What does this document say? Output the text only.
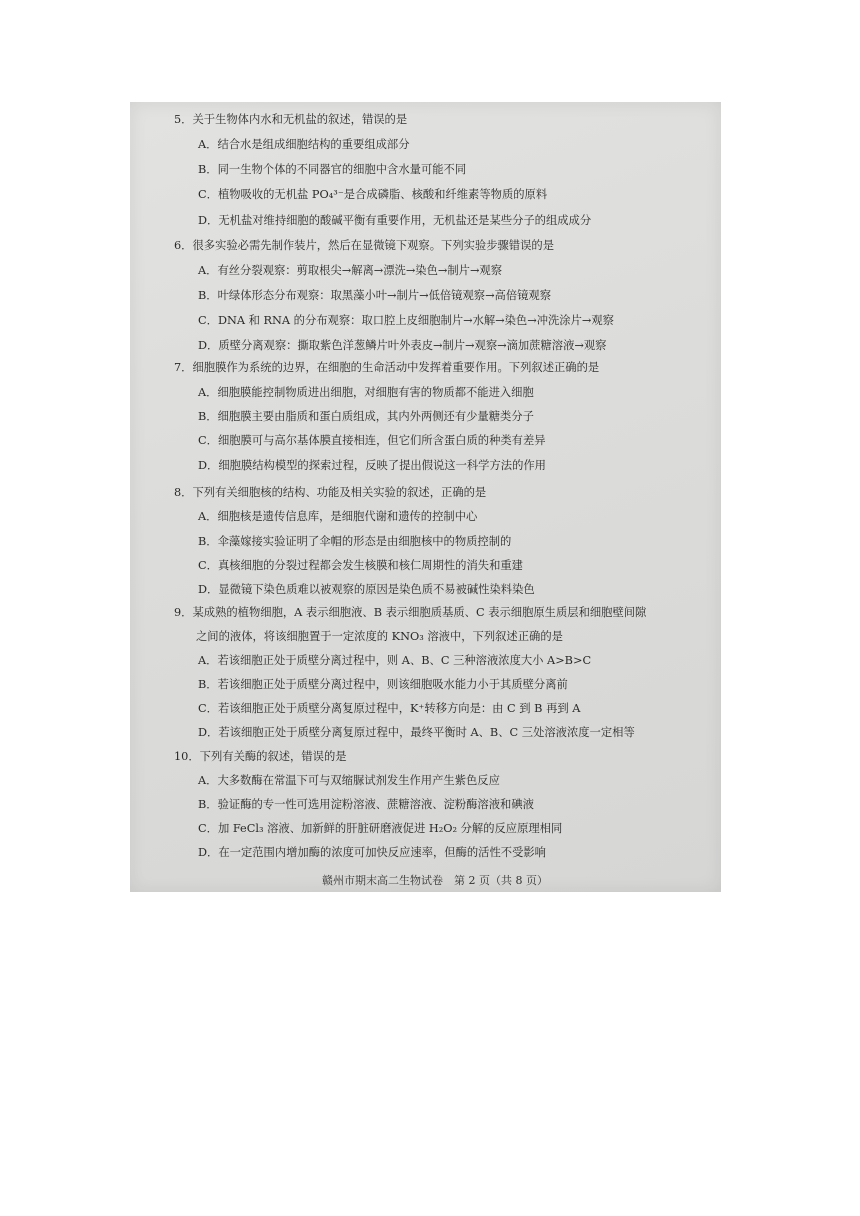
5．关于生物体内水和无机盐的叙述，错误的是
A．结合水是组成细胞结构的重要组成部分
B．同一生物个体的不同器官的细胞中含水量可能不同
C．植物吸收的无机盐 PO₄³⁻是合成磷脂、核酸和纤维素等物质的原料
D．无机盐对维持细胞的酸碱平衡有重要作用，无机盐还是某些分子的组成成分
6．很多实验必需先制作装片，然后在显微镜下观察。下列实验步骤错误的是
A．有丝分裂观察：剪取根尖→解离→漂洗→染色→制片→观察
B．叶绿体形态分布观察：取黑藻小叶→制片→低倍镜观察→高倍镜观察
C．DNA 和 RNA 的分布观察：取口腔上皮细胞制片→水解→染色→冲洗涂片→观察
D．质壁分离观察：撕取紫色洋葱鳞片叶外表皮→制片→观察→滴加蔗糖溶液→观察
7．细胞膜作为系统的边界，在细胞的生命活动中发挥着重要作用。下列叙述正确的是
A．细胞膜能控制物质进出细胞，对细胞有害的物质都不能进入细胞
B．细胞膜主要由脂质和蛋白质组成，其内外两侧还有少量糖类分子
C．细胞膜可与高尔基体膜直接相连，但它们所含蛋白质的种类有差异
D．细胞膜结构模型的探索过程，反映了提出假说这一科学方法的作用
8．下列有关细胞核的结构、功能及相关实验的叙述，正确的是
A．细胞核是遗传信息库，是细胞代谢和遗传的控制中心
B．伞藻嫁接实验证明了伞帽的形态是由细胞核中的物质控制的
C．真核细胞的分裂过程都会发生核膜和核仁周期性的消失和重建
D．显微镜下染色质难以被观察的原因是染色质不易被碱性染料染色
9．某成熟的植物细胞，A 表示细胞液、B 表示细胞质基质、C 表示细胞原生质层和细胞壁间隙
之间的液体，将该细胞置于一定浓度的 KNO₃ 溶液中，下列叙述正确的是
A．若该细胞正处于质壁分离过程中，则 A、B、C 三种溶液浓度大小 A>B>C
B．若该细胞正处于质壁分离过程中，则该细胞吸水能力小于其质壁分离前
C．若该细胞正处于质壁分离复原过程中，K⁺转移方向是：由 C 到 B 再到 A
D．若该细胞正处于质壁分离复原过程中，最终平衡时 A、B、C 三处溶液浓度一定相等
10．下列有关酶的叙述，错误的是
A．大多数酶在常温下可与双缩脲试剂发生作用产生紫色反应
B．验证酶的专一性可选用淀粉溶液、蔗糖溶液、淀粉酶溶液和碘液
C．加 FeCl₃ 溶液、加新鲜的肝脏研磨液促进 H₂O₂ 分解的反应原理相同
D．在一定范围内增加酶的浓度可加快反应速率，但酶的活性不受影响
赣州市期末高二生物试卷　第 2 页（共 8 页）
